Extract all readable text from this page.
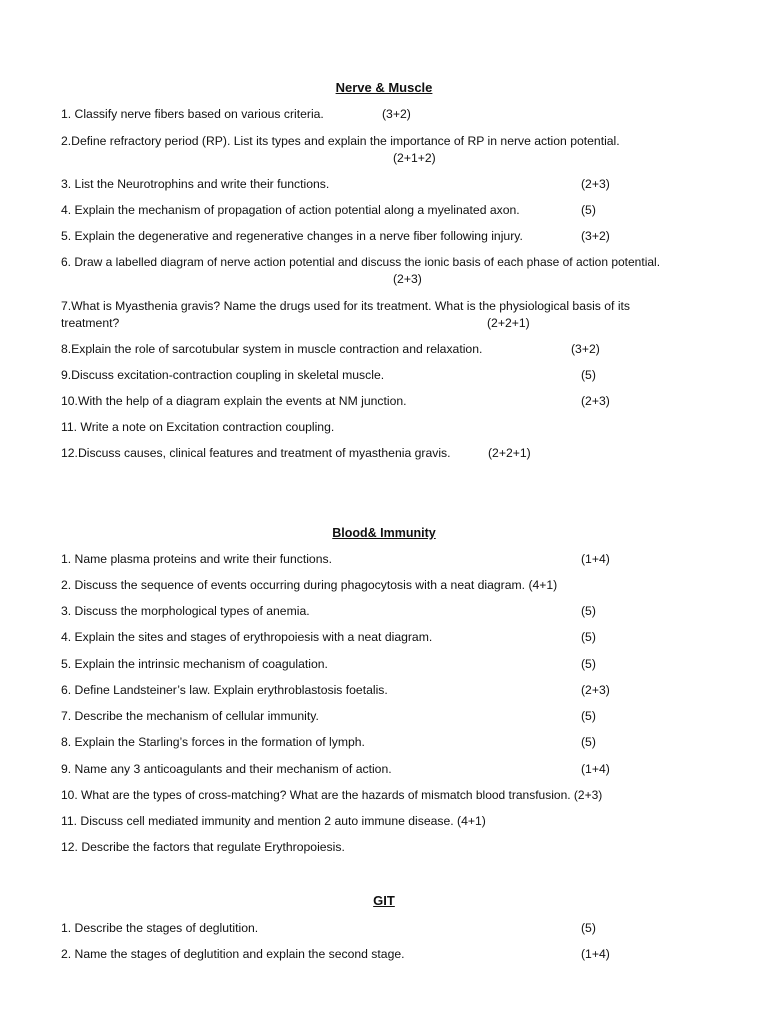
Nerve & Muscle
1. Classify nerve fibers based on various criteria.	(3+2)
2.Define refractory period (RP). List its types and explain the importance of RP in nerve action potential.
(2+1+2)
3. List the Neurotrophins and write their functions.	(2+3)
4. Explain the mechanism of propagation of action potential along a myelinated axon.	(5)
5. Explain the degenerative and regenerative changes in a nerve fiber following injury.	(3+2)
6. Draw a labelled diagram of nerve action potential and discuss the ionic basis of each phase of action potential.
(2+3)
7.What is Myasthenia gravis? Name the drugs used for its treatment. What is the physiological basis of its
treatment?	(2+2+1)
8.Explain the role of sarcotubular system in muscle contraction and relaxation.	(3+2)
9.Discuss excitation-contraction coupling in skeletal muscle.	(5)
10.With the help of a diagram explain the events at NM junction.	(2+3)
11. Write a note on Excitation contraction coupling.
12.Discuss causes, clinical features and treatment of myasthenia gravis.	(2+2+1)
Blood& Immunity
1. Name plasma proteins and write their functions.	(1+4)
2. Discuss the sequence of events occurring during phagocytosis with a neat diagram. (4+1)
3. Discuss the morphological types of anemia.	(5)
4. Explain the sites and stages of erythropoiesis with a neat diagram.	(5)
5. Explain the intrinsic mechanism of coagulation.	(5)
6. Define Landsteiner’s law. Explain erythroblastosis foetalis.	(2+3)
7. Describe the mechanism of cellular immunity.	(5)
8. Explain the Starling’s forces in the formation of lymph.	(5)
9. Name any 3 anticoagulants and their mechanism of action.	(1+4)
10. What are the types of cross-matching? What are the hazards of mismatch blood transfusion. (2+3)
11. Discuss cell mediated immunity and mention 2 auto immune disease. (4+1)
12. Describe the factors that regulate Erythropoiesis.
GIT
1. Describe the stages of deglutition.	(5)
2. Name the stages of deglutition and explain the second stage.	(1+4)
